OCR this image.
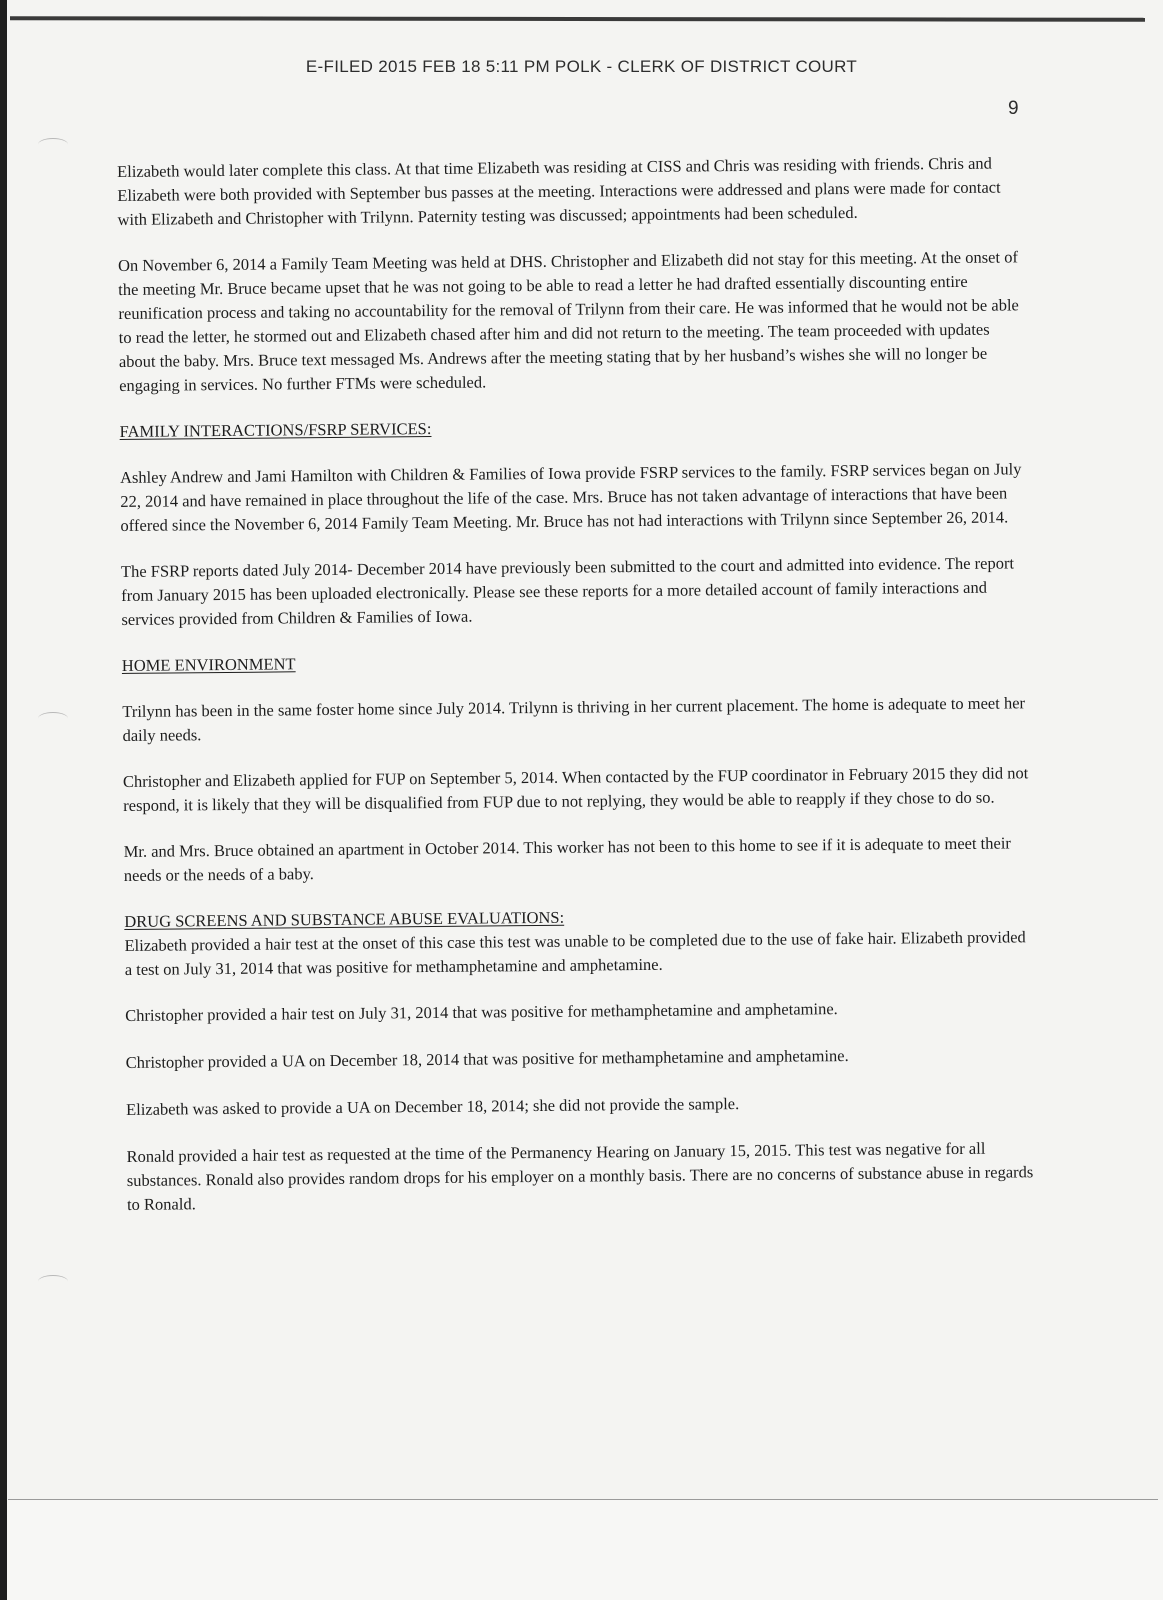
E-FILED 2015 FEB 18 5:11 PM POLK - CLERK OF DISTRICT COURT
9

Elizabeth would later complete this class. At that time Elizabeth was residing at CISS and Chris was residing with friends. Chris and Elizabeth were both provided with September bus passes at the meeting. Interactions were addressed and plans were made for contact with Elizabeth and Christopher with Trilynn. Paternity testing was discussed; appointments had been scheduled.

On November 6, 2014 a Family Team Meeting was held at DHS. Christopher and Elizabeth did not stay for this meeting. At the onset of the meeting Mr. Bruce became upset that he was not going to be able to read a letter he had drafted essentially discounting entire reunification process and taking no accountability for the removal of Trilynn from their care. He was informed that he would not be able to read the letter, he stormed out and Elizabeth chased after him and did not return to the meeting. The team proceeded with updates about the baby. Mrs. Bruce text messaged Ms. Andrews after the meeting stating that by her husband’s wishes she will no longer be engaging in services. No further FTMs were scheduled.

FAMILY INTERACTIONS/FSRP SERVICES:

Ashley Andrew and Jami Hamilton with Children & Families of Iowa provide FSRP services to the family. FSRP services began on July 22, 2014 and have remained in place throughout the life of the case. Mrs. Bruce has not taken advantage of interactions that have been offered since the November 6, 2014 Family Team Meeting. Mr. Bruce has not had interactions with Trilynn since September 26, 2014.

The FSRP reports dated July 2014- December 2014 have previously been submitted to the court and admitted into evidence. The report from January 2015 has been uploaded electronically. Please see these reports for a more detailed account of family interactions and services provided from Children & Families of Iowa.

HOME ENVIRONMENT

Trilynn has been in the same foster home since July 2014. Trilynn is thriving in her current placement. The home is adequate to meet her daily needs.

Christopher and Elizabeth applied for FUP on September 5, 2014. When contacted by the FUP coordinator in February 2015 they did not respond, it is likely that they will be disqualified from FUP due to not replying, they would be able to reapply if they chose to do so.

Mr. and Mrs. Bruce obtained an apartment in October 2014. This worker has not been to this home to see if it is adequate to meet their needs or the needs of a baby.

DRUG SCREENS AND SUBSTANCE ABUSE EVALUATIONS:

Elizabeth provided a hair test at the onset of this case this test was unable to be completed due to the use of fake hair. Elizabeth provided a test on July 31, 2014 that was positive for methamphetamine and amphetamine.

Christopher provided a hair test on July 31, 2014 that was positive for methamphetamine and amphetamine.

Christopher provided a UA on December 18, 2014 that was positive for methamphetamine and amphetamine.

Elizabeth was asked to provide a UA on December 18, 2014; she did not provide the sample.

Ronald provided a hair test as requested at the time of the Permanency Hearing on January 15, 2015. This test was negative for all substances. Ronald also provides random drops for his employer on a monthly basis. There are no concerns of substance abuse in regards to Ronald.
